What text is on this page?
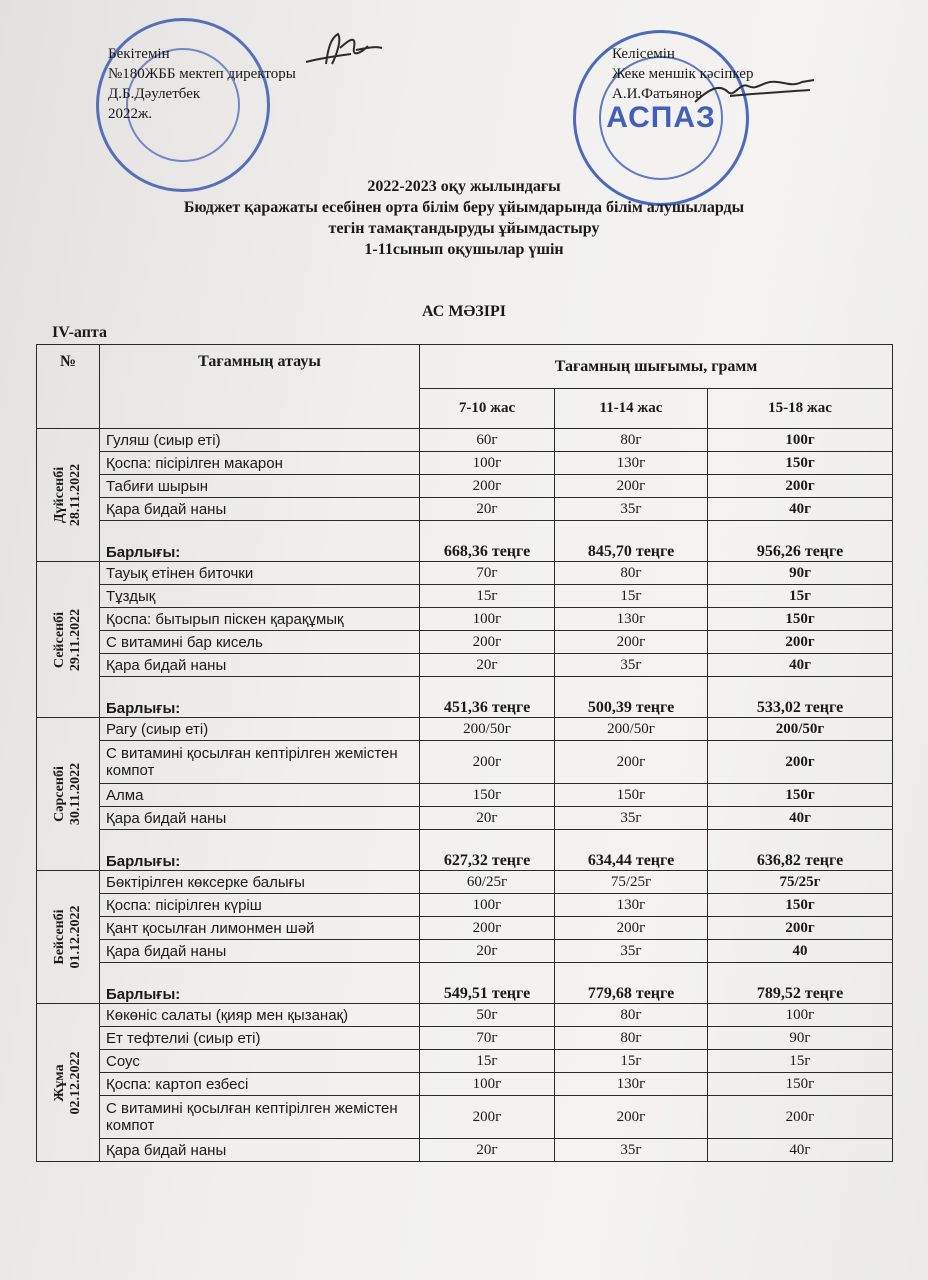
АСПАЗ
Бекітемін
№180ЖББ мектеп директоры
Д.Б.Дәулетбек
2022ж.
Келісемін
Жеке меншік кәсіпкер
А.И.Фатьянов
2022-2023 оқу жылындағы
Бюджет қаражаты есебінен орта білім беру ұйымдарында білім алушыларды
тегін тамақтандыруды ұйымдастыру
1-11сынып оқушылар үшін
АС МӘЗІРІ
IV-апта
№	Тағамның атауы	Тағамның шығымы, грамм		
		7-10 жас	11-14 жас	15-18 жас

Дүйсенбі 28.11.2022	Гуляш (сиыр еті)	60г	80г	100г
	Қоспа: пісірілген макарон	100г	130г	150г
	Табиғи шырын	200г	200г	200г
	Қара бидай наны	20г	35г	40г
	Барлығы:	668,36 теңге	845,70 теңге	956,26 теңге

Сейсенбі 29.11.2022	Тауық етінен биточки	70г	80г	90г
	Тұздық	15г	15г	15г
	Қоспа: бытырып піскен қарақұмық	100г	130г	150г
	С витамині бар кисель	200г	200г	200г
	Қара бидай наны	20г	35г	40г
	Барлығы:	451,36 теңге	500,39 теңге	533,02 теңге

Сәрсенбі 30.11.2022	Рагу (сиыр еті)	200/50г	200/50г	200/50г
	С витамині қосылған кептірілген жемістен компот	200г	200г	200г
	Алма	150г	150г	150г
	Қара бидай наны	20г	35г	40г
	Барлығы:	627,32 теңге	634,44 теңге	636,82 теңге

Бейсенбі 01.12.2022	Бөктірілген көксерке балығы	60/25г	75/25г	75/25г
	Қоспа: пісірілген күріш	100г	130г	150г
	Қант қосылған лимонмен шәй	200г	200г	200г
	Қара бидай наны	20г	35г	40
	Барлығы:	549,51 теңге	779,68 теңге	789,52 теңге

Жұма 02.12.2022	Көкөніс салаты (қияр мен қызанақ)	50г	80г	100г
	Ет тефтелиі (сиыр еті)	70г	80г	90г
	Соус	15г	15г	15г
	Қоспа: картоп езбесі	100г	130г	150г
	С витамині қосылған кептірілген жемістен компот	200г	200г	200г
	Қара бидай наны	20г	35г	40г
